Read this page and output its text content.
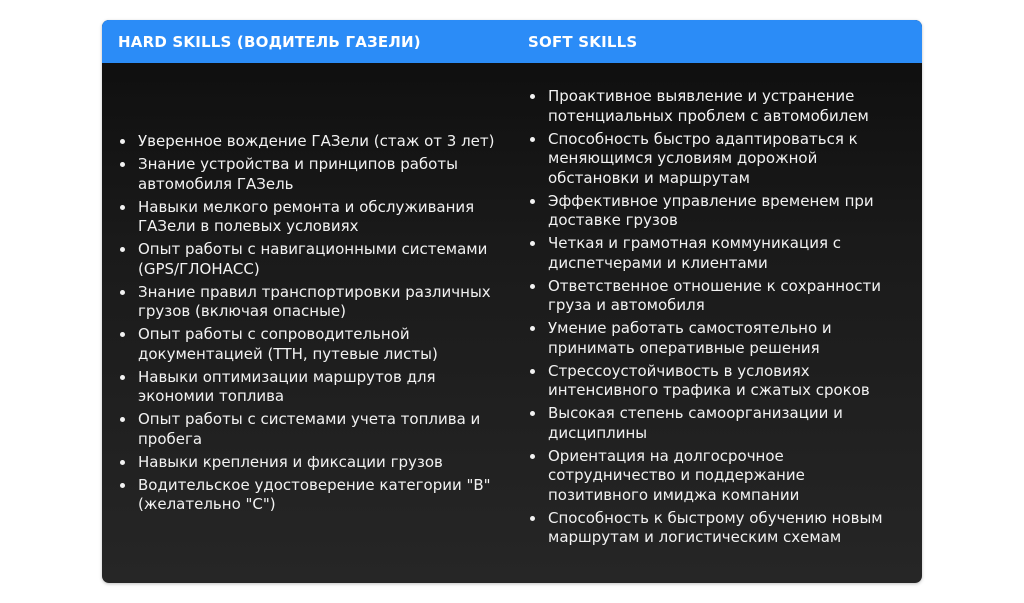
HARD SKILLS (ВОДИТЕЛЬ ГАЗЕЛИ)	SOFT SKILLS
Уверенное вождение ГАЗели (стаж от 3 лет)
Знание устройства и принципов работы автомобиля ГАЗель
Навыки мелкого ремонта и обслуживания ГАЗели в полевых условиях
Опыт работы с навигационными системами (GPS/ГЛОНАСС)
Знание правил транспортировки различных грузов (включая опасные)
Опыт работы с сопроводительной документацией (ТТН, путевые листы)
Навыки оптимизации маршрутов для экономии топлива
Опыт работы с системами учета топлива и пробега
Навыки крепления и фиксации грузов
Водительское удостоверение категории "B" (желательно "C")
Проактивное выявление и устранение потенциальных проблем с автомобилем
Способность быстро адаптироваться к меняющимся условиям дорожной обстановки и маршрутам
Эффективное управление временем при доставке грузов
Четкая и грамотная коммуникация с диспетчерами и клиентами
Ответственное отношение к сохранности груза и автомобиля
Умение работать самостоятельно и принимать оперативные решения
Стрессоустойчивость в условиях интенсивного трафика и сжатых сроков
Высокая степень самоорганизации и дисциплины
Ориентация на долгосрочное сотрудничество и поддержание позитивного имиджа компании
Способность к быстрому обучению новым маршрутам и логистическим схемам
